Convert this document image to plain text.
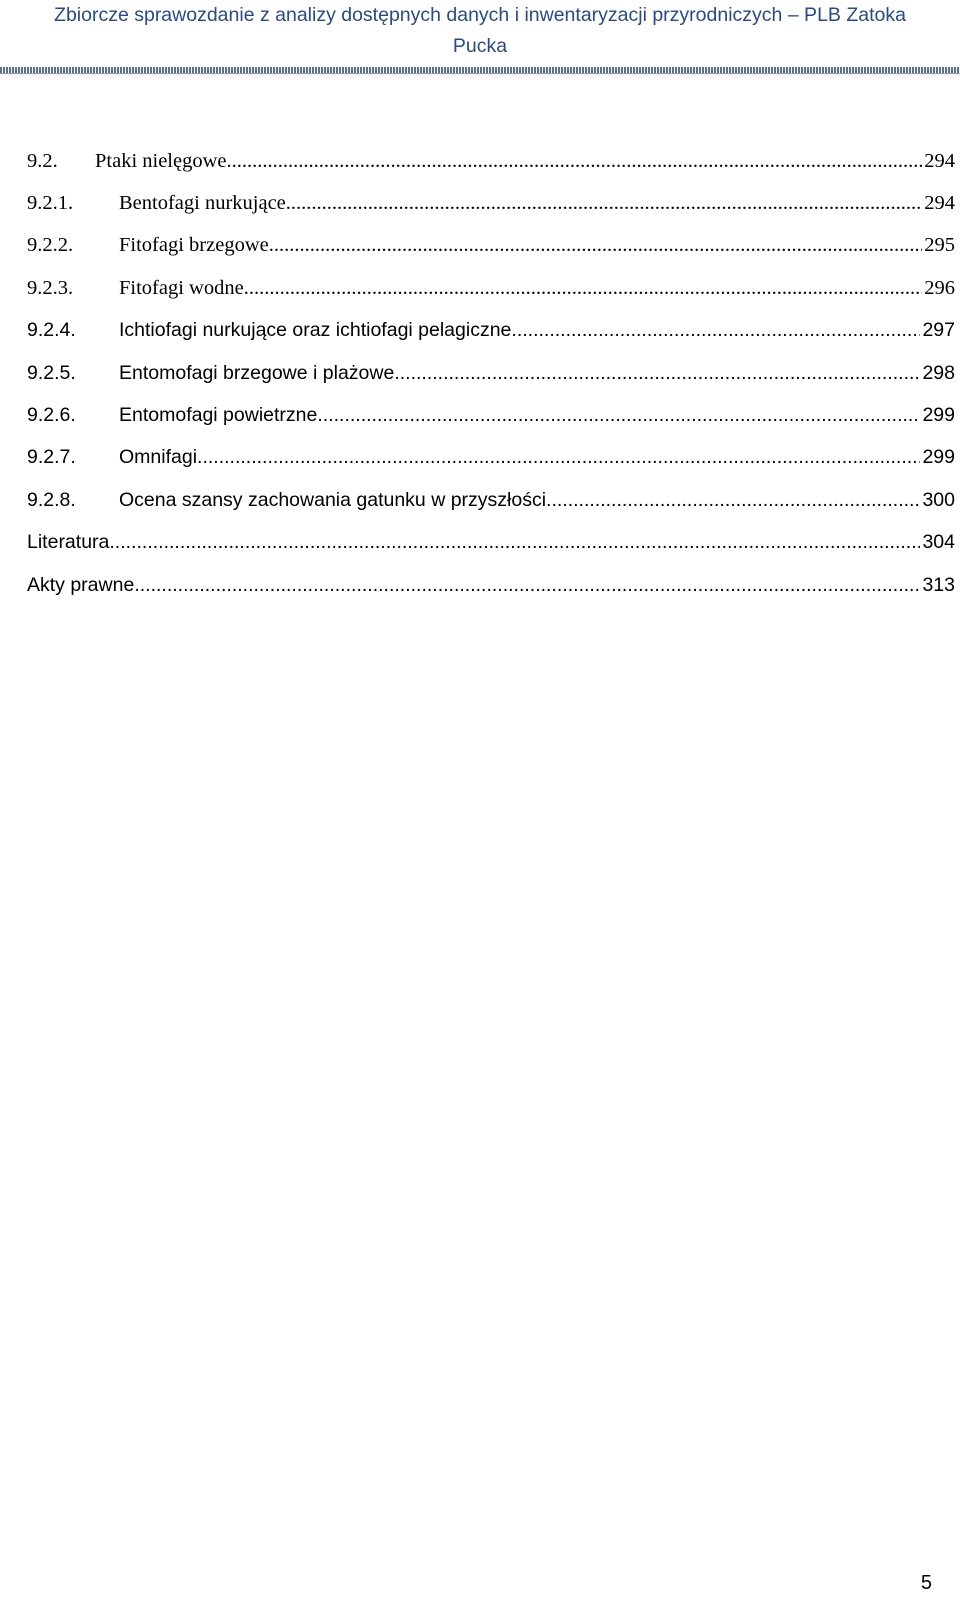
Zbiorcze sprawozdanie z analizy dostępnych danych i inwentaryzacji przyrodniczych – PLB Zatoka
Pucka
9.2.	Ptaki nielęgowe .....	294
9.2.1.	Bentofagi nurkujące .....	294
9.2.2.	Fitofagi brzegowe .....	295
9.2.3.	Fitofagi wodne .....	296
9.2.4.	Ichtiofagi nurkujące oraz ichtiofagi pelagiczne .....	297
9.2.5.	Entomofagi brzegowe i plażowe .....	298
9.2.6.	Entomofagi powietrzne .....	299
9.2.7.	Omnifagi .....	299
9.2.8.	Ocena szansy zachowania gatunku w przyszłości .....	300
Literatura .....	304
Akty prawne .....	313
5
